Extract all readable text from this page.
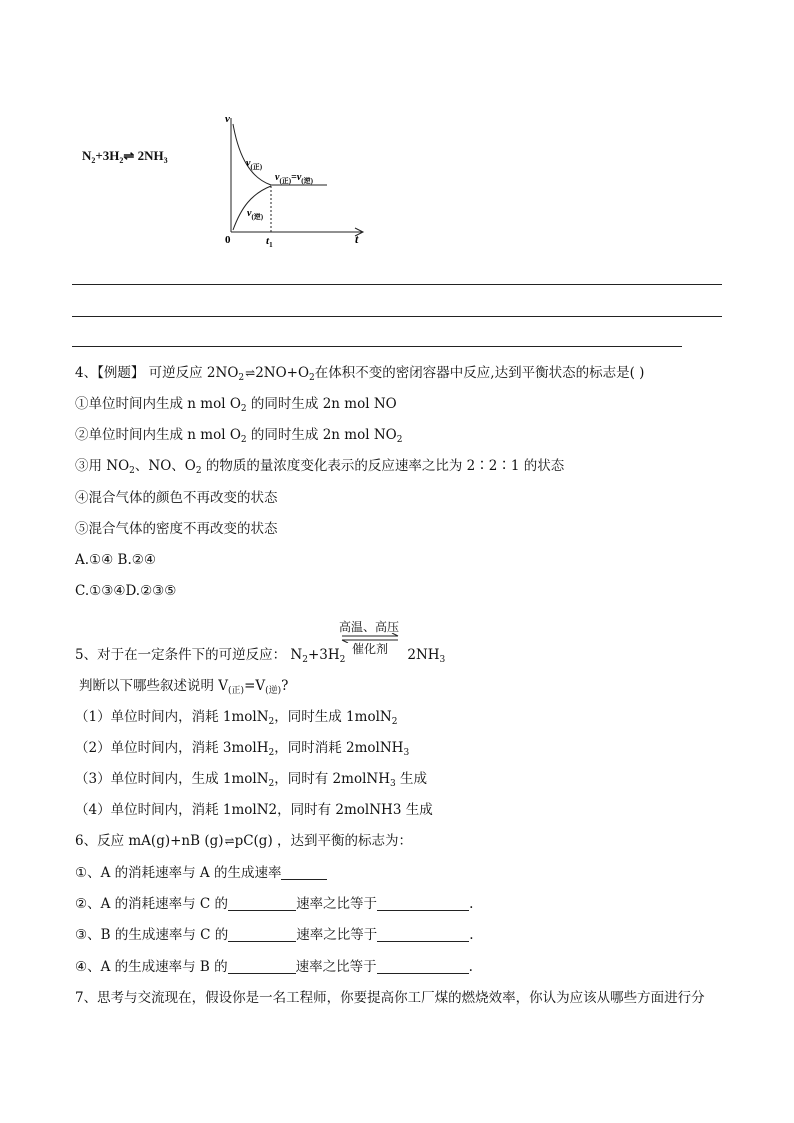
$N_2+3H_2\rightleftharpoons$ $2NH_3$
v
t
0	$t_1$
$v_{(正)}$
$v_{(正)}=v_{(逆)}$
$v_{(逆)}$
4、【例题】 可逆反应 $2NO_2\rightleftharpoons 2NO+O_2$在体积不变的密闭容器中反应,达到平衡状态的标志是( )
①单位时间内生成 n mol $O_2$ 的同时生成 2n mol NO
②单位时间内生成 n mol $O_2$ 的同时生成 2n mol $NO_2$
③用 $NO_2$、NO、$O_2$ 的物质的量浓度变化表示的反应速率之比为 2∶2∶1 的状态
④混合气体的颜色不再改变的状态
⑤混合气体的密度不再改变的状态
A.①④ B.②④
C.①③④D.②③⑤
高温、高压
催化剂
5、对于在一定条件下的可逆反应： $N_2+3H_2$	$2NH_3$
判断以下哪些叙述说明 $V_{(正)}=V_{(逆)}$?
（1）单位时间内，消耗 1molN$_2$，同时生成 1molN$_2$
（2）单位时间内，消耗 3molH$_2$，同时消耗 2molNH$_3$
（3）单位时间内，生成 1molN$_2$，同时有 2molNH$_3$ 生成
（4）单位时间内，消耗 1molN2，同时有 2molNH3 生成
6、反应 mA(g)+nB (g)⇌pC(g) ，达到平衡的标志为：
①、A 的消耗速率与 A 的生成速率
②、A 的消耗速率与 C 的	速率之比等于	.
③、B 的生成速率与 C 的	速率之比等于	.
④、A 的生成速率与 B 的	速率之比等于	.
7、思考与交流现在，假设你是一名工程师，你要提高你工厂煤的燃烧效率，你认为应该从哪些方面进行分
